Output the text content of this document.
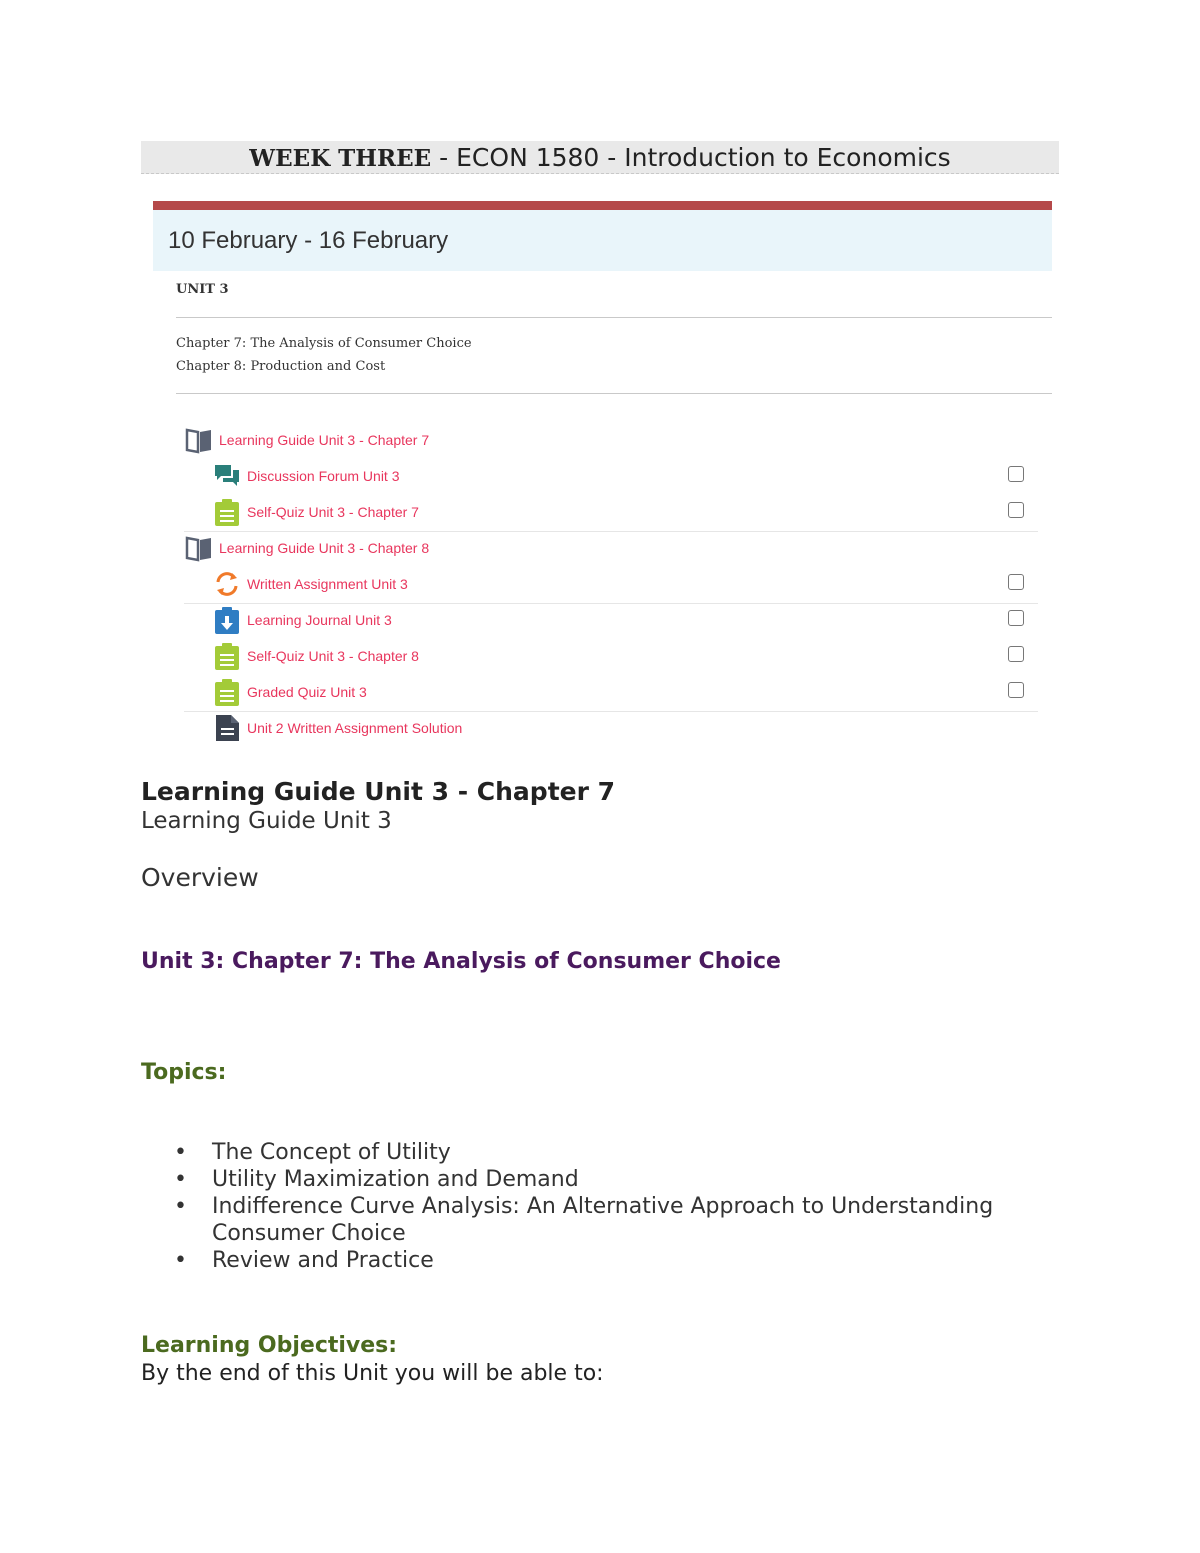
WEEK THREE - ECON 1580 - Introduction to Economics
10 February - 16 February
UNIT 3
Chapter 7: The Analysis of Consumer Choice
Chapter 8: Production and Cost
Learning Guide Unit 3 - Chapter 7
Discussion Forum Unit 3
Self-Quiz Unit 3 - Chapter 7
Learning Guide Unit 3 - Chapter 8
Written Assignment Unit 3
Learning Journal Unit 3
Self-Quiz Unit 3 - Chapter 8
Graded Quiz Unit 3
Unit 2 Written Assignment Solution
Learning Guide Unit 3 - Chapter 7
Learning Guide Unit 3
Overview
Unit 3: Chapter 7: The Analysis of Consumer Choice
Topics:
• The Concept of Utility
• Utility Maximization and Demand
• Indifference Curve Analysis: An Alternative Approach to Understanding Consumer Choice
• Review and Practice
Learning Objectives:
By the end of this Unit you will be able to:
